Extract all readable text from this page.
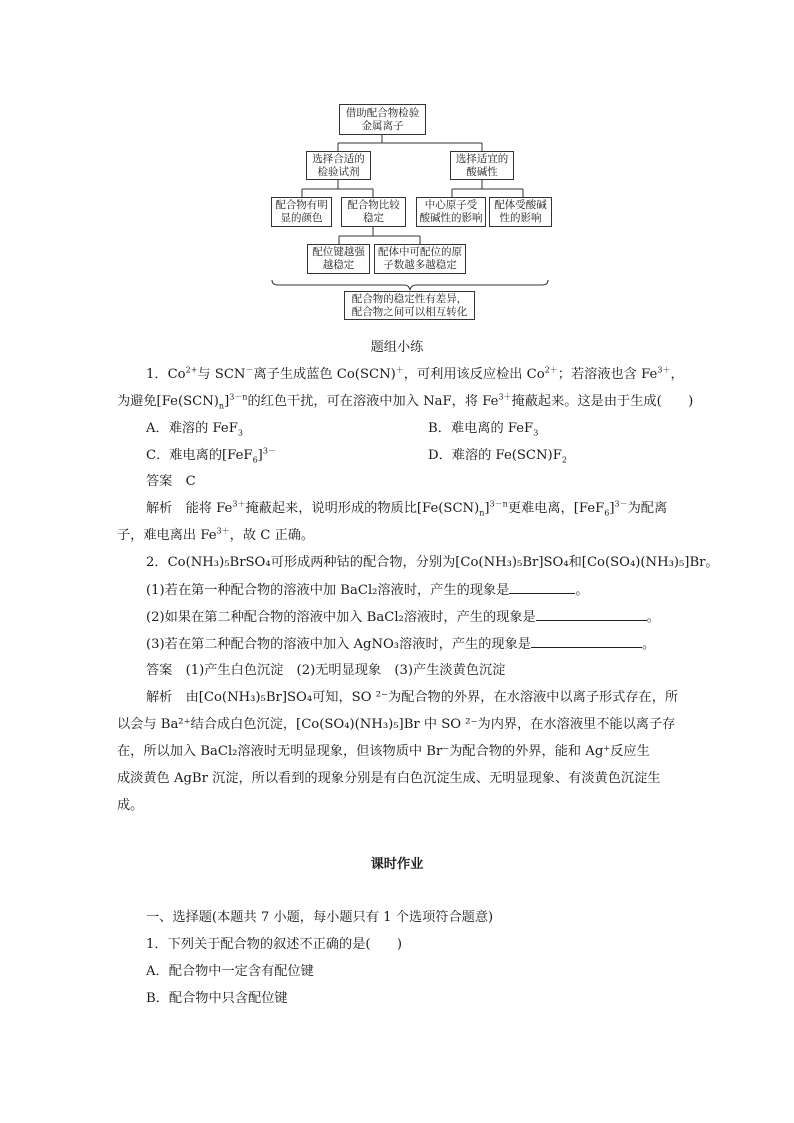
借助配合物检验
金属离子
选择合适的
检验试剂
选择适宜的
酸碱性
配合物有明
显的颜色
配合物比较
稳定
中心原子受
酸碱性的影响
配体受酸碱
性的影响
配位键越强
越稳定
配体中可配位的原
子数越多越稳定
配合物的稳定性有差异，
配合物之间可以相互转化
题组小练
1．$Co^{2+}$与 SCN－离子生成蓝色 Co(SCN)＋，可利用该反应检出 $Co^{2+}$；若溶液也含 $Fe^{3+}$，
为避免$[Fe(SCN)_n]^{3-n}$的红色干扰，可在溶液中加入 NaF，将 $Fe^{3+}$掩蔽起来。这是由于生成(　　)
A．难溶的 FeF$_3$	B．难电离的 FeF$_3$
C．难电离的$[FeF_6]^{3-}$	D．难溶的 $Fe(SCN)F_2$
答案　 C
解析　 能将 $Fe^{3+}$掩蔽起来，说明形成的物质比$[Fe(SCN)_n]^{3-n}$更难电离，$[FeF_6]^{3-}$为配离
子，难电离出 $Fe^{3+}$，故 C 正确。
2．Co(NH₃)₅BrSO₄可形成两种钴的配合物，分别为[Co(NH₃)₅Br]SO₄和[Co(SO₄)(NH₃)₅]Br。
(1)若在第一种配合物的溶液中加 BaCl₂溶液时，产生的现象是	。
(2)如果在第二种配合物的溶液中加入 BaCl₂溶液时，产生的现象是	。
(3)若在第二种配合物的溶液中加入 AgNO₃溶液时，产生的现象是	。
答案　 (1)产生白色沉淀　(2)无明显现象　(3)产生淡黄色沉淀
解析　 由[Co(NH₃)₅Br]SO₄可知，SO ²⁻为配合物的外界，在水溶液中以离子形式存在，所
以会与 Ba²⁺结合成白色沉淀，[Co(SO₄)(NH₃)₅]Br 中 SO ²⁻为内界，在水溶液里不能以离子存
在，所以加入 BaCl₂溶液时无明显现象，但该物质中 Br⁻为配合物的外界，能和 Ag⁺反应生
成淡黄色 AgBr 沉淀，所以看到的现象分别是有白色沉淀生成、无明显现象、有淡黄色沉淀生
成。
课时作业
一、选择题(本题共 7 小题，每小题只有 1 个选项符合题意)
1．下列关于配合物的叙述不正确的是(　　)
A．配合物中一定含有配位键
B．配合物中只含配位键
